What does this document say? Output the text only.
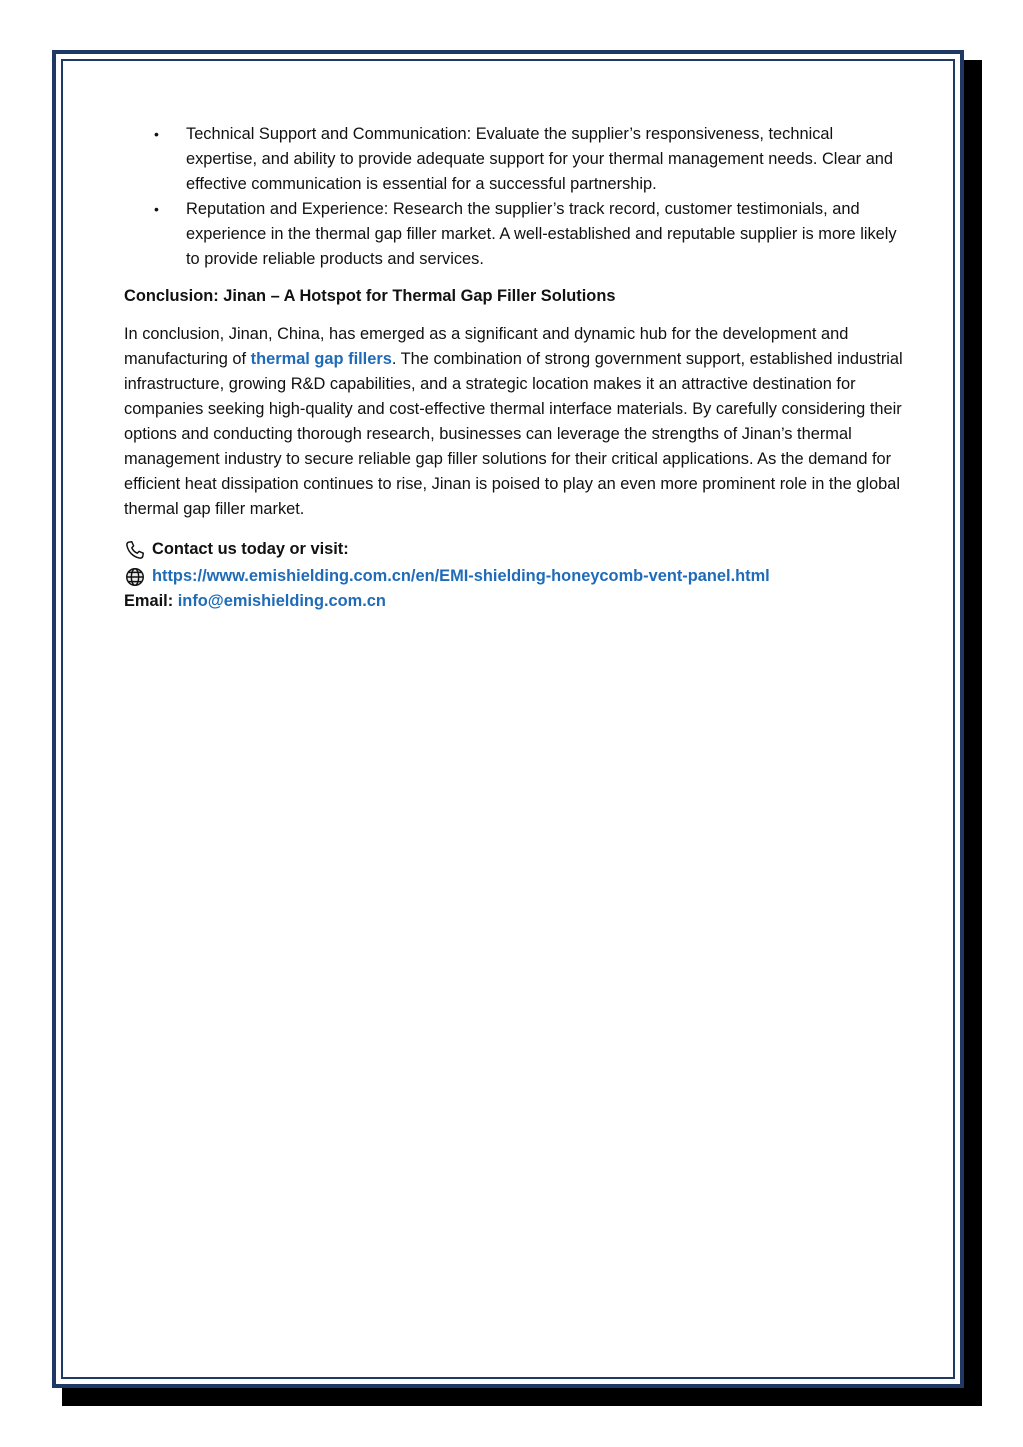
• Technical Support and Communication: Evaluate the supplier’s responsiveness, technical expertise, and ability to provide adequate support for your thermal management needs. Clear and effective communication is essential for a successful partnership.
• Reputation and Experience: Research the supplier’s track record, customer testimonials, and experience in the thermal gap filler market. A well-established and reputable supplier is more likely to provide reliable products and services.

Conclusion: Jinan – A Hotspot for Thermal Gap Filler Solutions

In conclusion, Jinan, China, has emerged as a significant and dynamic hub for the development and manufacturing of thermal gap fillers. The combination of strong government support, established industrial infrastructure, growing R&D capabilities, and a strategic location makes it an attractive destination for companies seeking high-quality and cost-effective thermal interface materials. By carefully considering their options and conducting thorough research, businesses can leverage the strengths of Jinan’s thermal management industry to secure reliable gap filler solutions for their critical applications. As the demand for efficient heat dissipation continues to rise, Jinan is poised to play an even more prominent role in the global thermal gap filler market.

Contact us today or visit:
https://www.emishielding.com.cn/en/EMI-shielding-honeycomb-vent-panel.html
Email: info@emishielding.com.cn
